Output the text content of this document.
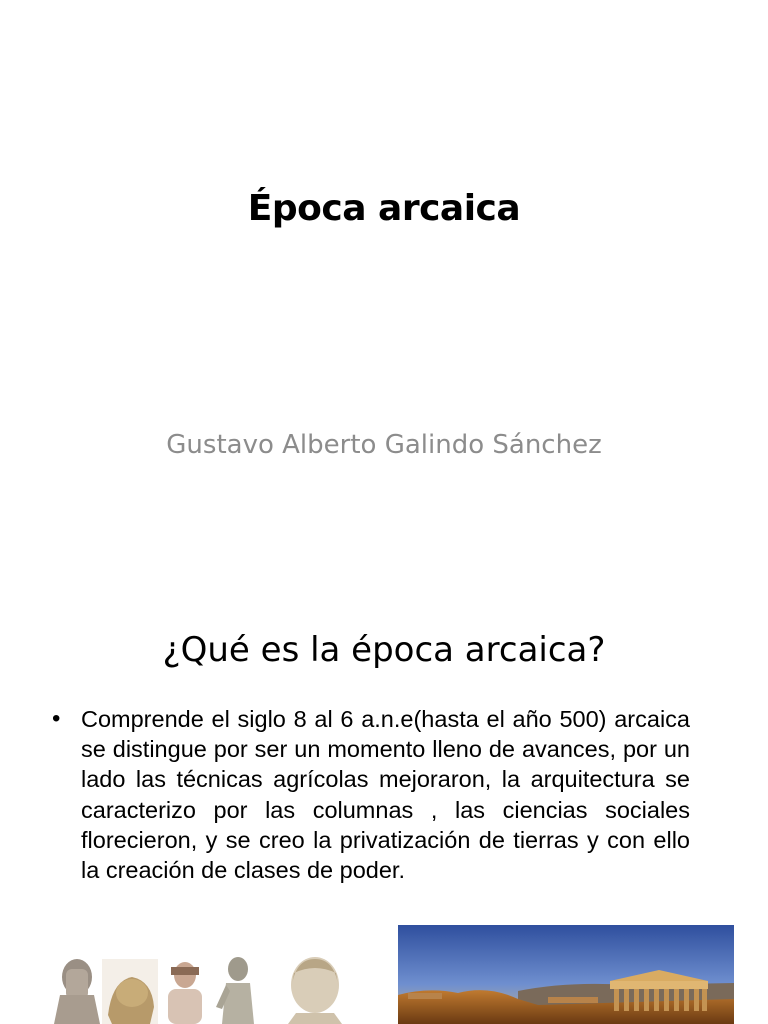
Época arcaica
Gustavo Alberto Galindo Sánchez
¿Qué es la época arcaica?
• Comprende el siglo 8 al 6 a.n.e(hasta el año 500) arcaica se distingue por ser un momento lleno de avances, por un lado las técnicas agrícolas mejoraron, la arquitectura se caracterizo por las columnas , las ciencias sociales florecieron, y se creo la privatización de tierras y con ello la creación de clases de poder.
